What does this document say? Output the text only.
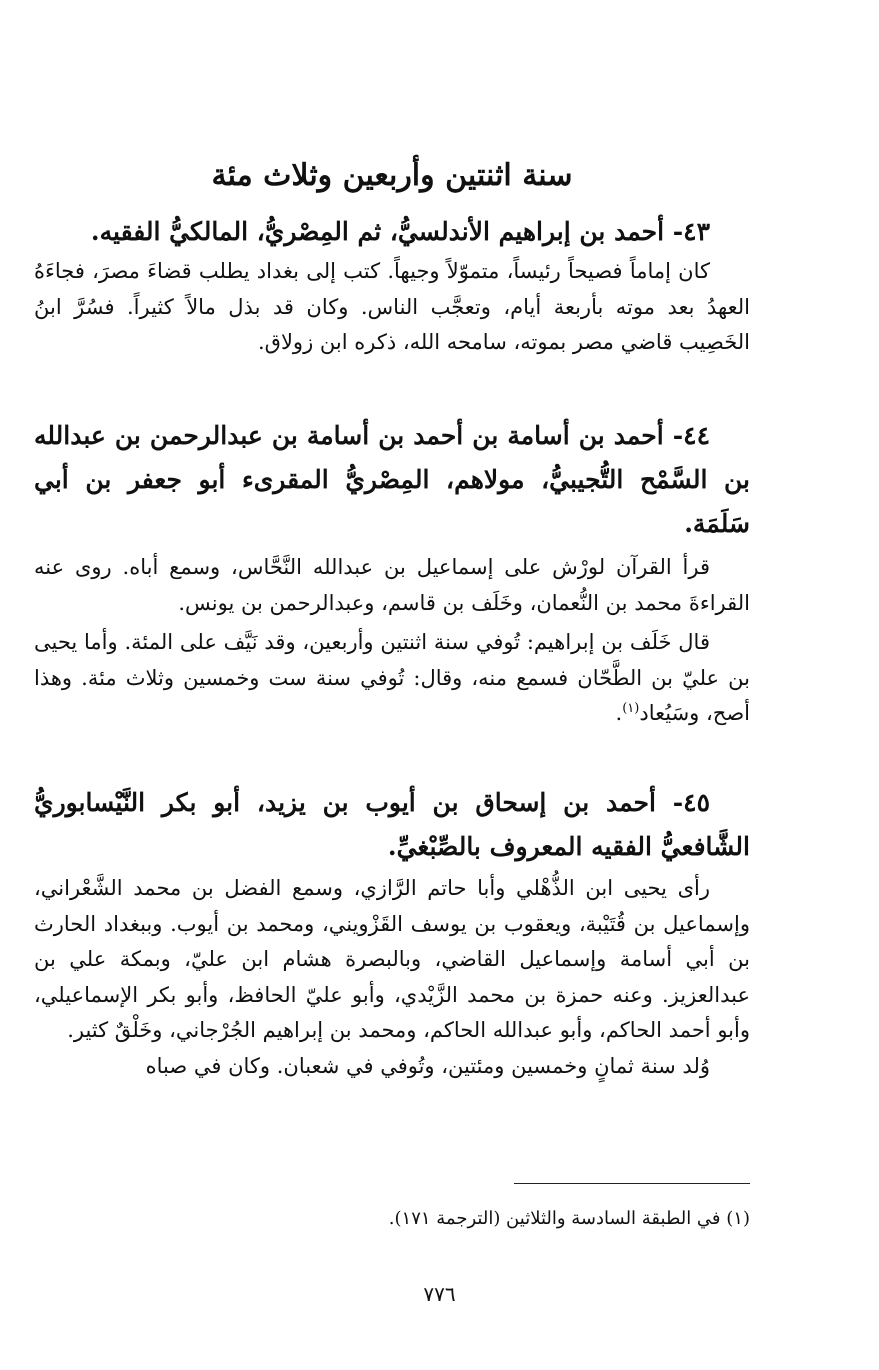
سنة اثنتين وأربعين وثلاث مئة

٤٣- أحمد بن إبراهيم الأندلسيُّ، ثم المِصْريُّ، المالكيُّ الفقيه.

كان إماماً فصيحاً رئيساً، متموّلاً وجيهاً. كتب إلى بغداد يطلب قضاءَ مصرَ، فجاءَهُ العهدُ بعد موته بأربعة أيام، وتعجَّب الناس. وكان قد بذل مالاً كثيراً. فسُرَّ ابنُ الخَصِيب قاضي مصر بموته، سامحه الله، ذكره ابن زولاق.

٤٤- أحمد بن أسامة بن أحمد بن أسامة بن عبدالرحمن بن عبدالله بن السَّمْح التُّجيبيُّ، مولاهم، المِصْريُّ المقرىء أبو جعفر بن أبي سَلَمَة.

قرأ القرآن لورْش على إسماعيل بن عبدالله النَّحَّاس، وسمع أباه. روى عنه القراءةَ محمد بن النُّعمان، وخَلَف بن قاسم، وعبدالرحمن بن يونس.

قال خَلَف بن إبراهيم: تُوفي سنة اثنتين وأربعين، وقد نَيَّف على المئة. وأما يحيى بن عليّ بن الطَّحّان فسمع منه، وقال: تُوفي سنة ست وخمسين وثلاث مئة. وهذا أصح، وسَيُعاد$^{(١)}$.

٤٥- أحمد بن إسحاق بن أيوب بن يزيد، أبو بكر النَّيْسابوريُّ الشَّافعيُّ الفقيه المعروف بالصِّبْغيِّ.

رأى يحيى ابن الذُّهْلي وأبا حاتم الرَّازي، وسمع الفضل بن محمد الشَّعْراني، وإسماعيل بن قُتَيْبة، ويعقوب بن يوسف القَزْويني، ومحمد بن أيوب. وببغداد الحارث بن أبي أسامة وإسماعيل القاضي، وبالبصرة هشام ابن عليّ، وبمكة علي بن عبدالعزيز. وعنه حمزة بن محمد الزَّيْدي، وأبو عليّ الحافظ، وأبو بكر الإسماعيلي، وأبو أحمد الحاكم، وأبو عبدالله الحاكم، ومحمد بن إبراهيم الجُرْجاني، وخَلْقٌ كثير.

وُلد سنة ثمانٍ وخمسين ومئتين، وتُوفي في شعبان. وكان في صباه

(١) في الطبقة السادسة والثلاثين (الترجمة ١٧١).
٧٧٦
